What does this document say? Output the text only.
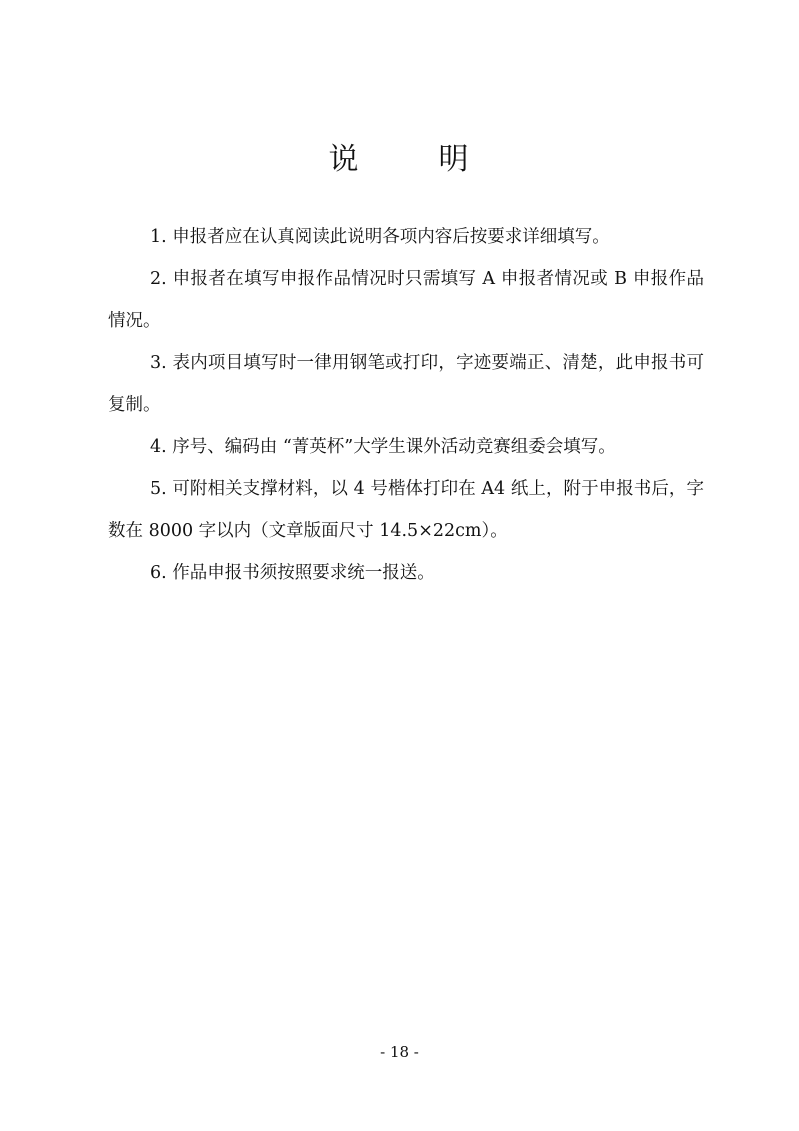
说	明

1. 申报者应在认真阅读此说明各项内容后按要求详细填写。

2. 申报者在填写申报作品情况时只需填写 A 申报者情况或 B 申报作品情况。

3. 表内项目填写时一律用钢笔或打印，字迹要端正、清楚，此申报书可复制。

4. 序号、编码由 “菁英杯”大学生课外活动竞赛组委会填写。

5. 可附相关支撑材料，以 4 号楷体打印在 A4 纸上，附于申报书后，字数在 8000 字以内（文章版面尺寸 14.5×22cm）。

6. 作品申报书须按照要求统一报送。

- 18 -
